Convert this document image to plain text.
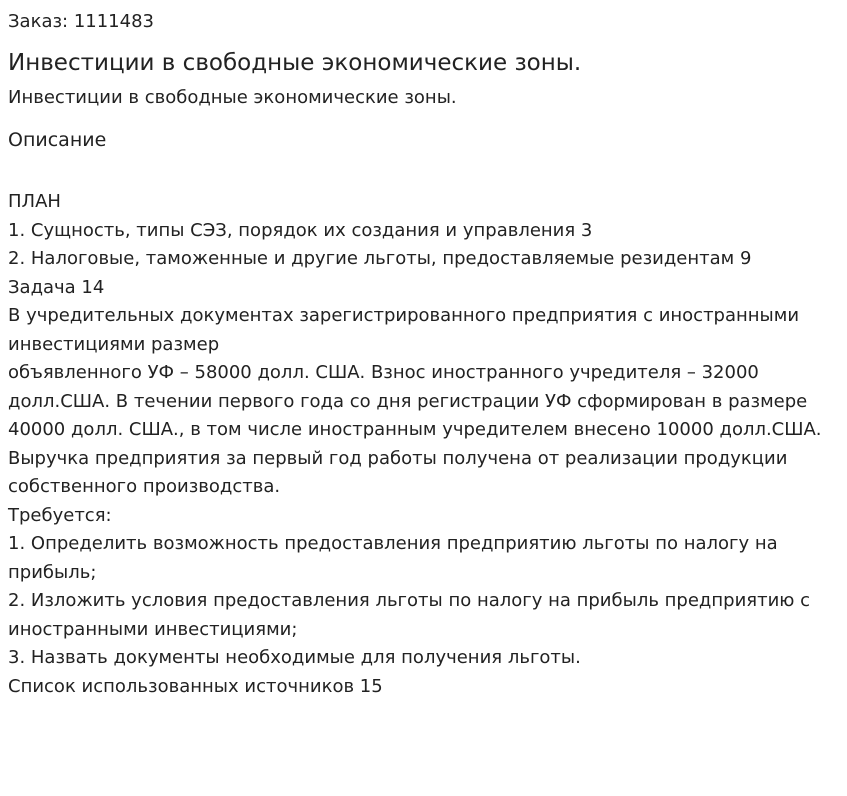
Заказ: 1111483

Инвестиции в свободные экономические зоны.

Инвестиции в свободные экономические зоны.

Описание

ПЛАН

1. Сущность, типы СЭЗ, порядок их создания и управления 3

2. Налоговые, таможенные и другие льготы, предоставляемые резидентам 9

Задача 14

В учредительных документах зарегистрированного предприятия с иностранными инвестициями размер

объявленного УФ – 58000 долл. США. Взнос иностранного учредителя – 32000 долл.США. В течении первого года со дня регистрации УФ сформирован в размере 40000 долл. США., в том числе иностранным учредителем внесено 10000 долл.США.

Выручка предприятия за первый год работы получена от реализации продукции собственного производства.

Требуется:

1. Определить возможность предоставления предприятию льготы по налогу на прибыль;

2. Изложить условия предоставления льготы по налогу на прибыль предприятию с иностранными инвестициями;

3. Назвать документы необходимые для получения льготы.

Список использованных источников 15
